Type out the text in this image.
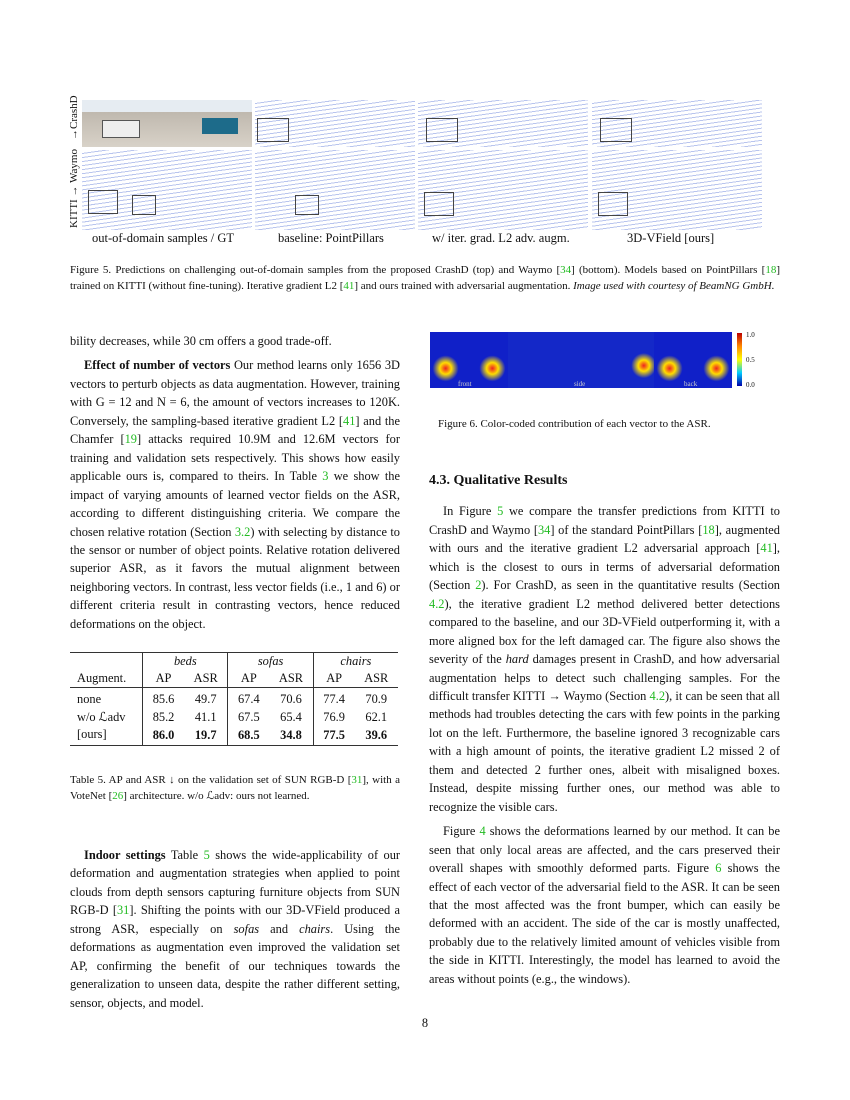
→CrashD
KITTI → Waymo
out-of-domain samples / GT	baseline: PointPillars	w/ iter. grad. L2 adv. augm.	3D-VField [ours]
Figure 5. Predictions on challenging out-of-domain samples from the proposed CrashD (top) and Waymo [34] (bottom). Models based on PointPillars [18] trained on KITTI (without fine-tuning). Iterative gradient L2 [41] and ours trained with adversarial augmentation. Image used with courtesy of BeamNG GmbH.

bility decreases, while 30 cm offers a good trade-off.

Effect of number of vectors Our method learns only 1656 3D vectors to perturb objects as data augmentation. However, training with G = 12 and N = 6, the amount of vectors increases to 120K. Conversely, the sampling-based iterative gradient L2 [41] and the Chamfer [19] attacks required 10.9M and 12.6M vectors for training and validation sets respectively. This shows how easily applicable ours is, compared to theirs. In Table 3 we show the impact of varying amounts of learned vector fields on the ASR, according to different distinguishing criteria. We compare the chosen relative rotation (Section 3.2) with selecting by distance to the sensor or number of object points. Relative rotation delivered superior ASR, as it favors the mutual alignment between neighboring vectors. In contrast, less vector fields (i.e., 1 and 6) or different criteria result in contrasting vectors, hence reduced deformations on the object.

	beds		sofas		chairs	
Augment.	AP	ASR	AP	ASR	AP	ASR
none	85.6	49.7	67.4	70.6	77.4	70.9
w/o ℒadv	85.2	41.1	67.5	65.4	76.9	62.1
[ours]	86.0	19.7	68.5	34.8	77.5	39.6
Table 5. AP and ASR ↓ on the validation set of SUN RGB-D [31], with a VoteNet [26] architecture. w/o ℒadv: ours not learned.

Indoor settings Table 5 shows the wide-applicability of our deformation and augmentation strategies when applied to point clouds from depth sensors capturing furniture objects from SUN RGB-D [31]. Shifting the points with our 3D-VField produced a strong ASR, especially on sofas and chairs. Using the deformations as augmentation even improved the validation set AP, confirming the benefit of our techniques towards the generalization to unseen data, despite the rather different setting, sensor, objects, and model.

front	side	back
1.0
0.5
0.0
Figure 6. Color-coded contribution of each vector to the ASR.
4.3. Qualitative Results

In Figure 5 we compare the transfer predictions from KITTI to CrashD and Waymo [34] of the standard PointPillars [18], augmented with ours and the iterative gradient L2 adversarial approach [41], which is the closest to ours in terms of adversarial deformation (Section 2). For CrashD, as seen in the quantitative results (Section 4.2), the iterative gradient L2 method delivered better detections compared to the baseline, and our 3D-VField outperforming it, with a more aligned box for the left damaged car. The figure also shows the severity of the hard damages present in CrashD, and how adversarial augmentation helps to detect such challenging samples. For the difficult transfer KITTI → Waymo (Section 4.2), it can be seen that all methods had troubles detecting the cars with few points in the parking lot on the left. Furthermore, the baseline ignored 3 recognizable cars with a high amount of points, the iterative gradient L2 missed 2 of them and detected 2 further ones, albeit with misaligned boxes. Instead, despite missing further ones, our method was able to recognize the visible cars.

Figure 4 shows the deformations learned by our method. It can be seen that only local areas are affected, and the cars preserved their overall shapes with smoothly deformed parts. Figure 6 shows the effect of each vector of the adversarial field to the ASR. It can be seen that the most affected was the front bumper, which can easily be deformed with an accident. The side of the car is mostly unaffected, probably due to the relatively limited amount of vehicles visible from the side in KITTI. Interestingly, the model has learned to avoid the areas without points (e.g., the windows).

8
